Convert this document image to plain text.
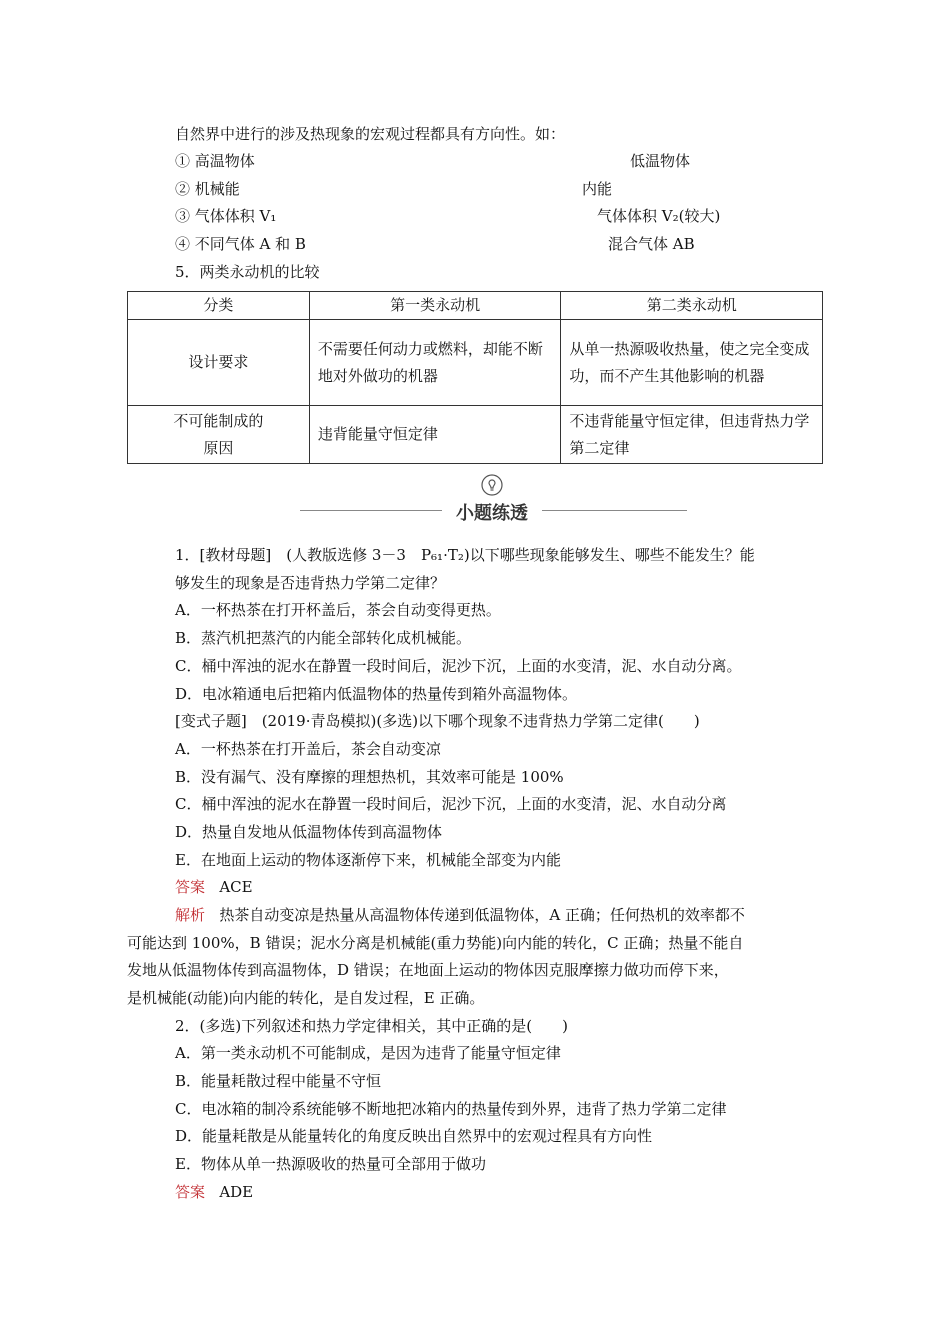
自然界中进行的涉及热现象的宏观过程都具有方向性。如：
① 高温物体	低温物体
② 机械能	内能
③ 气体体积 V₁	气体体积 V₂(较大)
④ 不同气体 A 和 B	混合气体 AB
5．两类永动机的比较
分类	第一类永动机	第二类永动机
设计要求	不需要任何动力或燃料，却能不断地对外做功的机器	从单一热源吸收热量，使之完全变成功，而不产生其他影响的机器
不可能制成的原因	违背能量守恒定律	不违背能量守恒定律，但违背热力学第二定律
小题练透
1．[教材母题]　(人教版选修 3－3　P₆₁·T₂)以下哪些现象能够发生、哪些不能发生？能
够发生的现象是否违背热力学第二定律？
A．一杯热茶在打开杯盖后，茶会自动变得更热。
B．蒸汽机把蒸汽的内能全部转化成机械能。
C．桶中浑浊的泥水在静置一段时间后，泥沙下沉，上面的水变清，泥、水自动分离。
D．电冰箱通电后把箱内低温物体的热量传到箱外高温物体。
[变式子题]　(2019·青岛模拟)(多选)以下哪个现象不违背热力学第二定律(　　)
A．一杯热茶在打开盖后，茶会自动变凉
B．没有漏气、没有摩擦的理想热机，其效率可能是 100%
C．桶中浑浊的泥水在静置一段时间后，泥沙下沉，上面的水变清，泥、水自动分离
D．热量自发地从低温物体传到高温物体
E．在地面上运动的物体逐渐停下来，机械能全部变为内能
答案 ACE
解析 热茶自动变凉是热量从高温物体传递到低温物体，A 正确；任何热机的效率都不
可能达到 100%，B 错误；泥水分离是机械能(重力势能)向内能的转化，C 正确；热量不能自
发地从低温物体传到高温物体，D 错误；在地面上运动的物体因克服摩擦力做功而停下来，
是机械能(动能)向内能的转化，是自发过程，E 正确。
2．(多选)下列叙述和热力学定律相关，其中正确的是(　　)
A．第一类永动机不可能制成，是因为违背了能量守恒定律
B．能量耗散过程中能量不守恒
C．电冰箱的制冷系统能够不断地把冰箱内的热量传到外界，违背了热力学第二定律
D．能量耗散是从能量转化的角度反映出自然界中的宏观过程具有方向性
E．物体从单一热源吸收的热量可全部用于做功
答案 ADE
